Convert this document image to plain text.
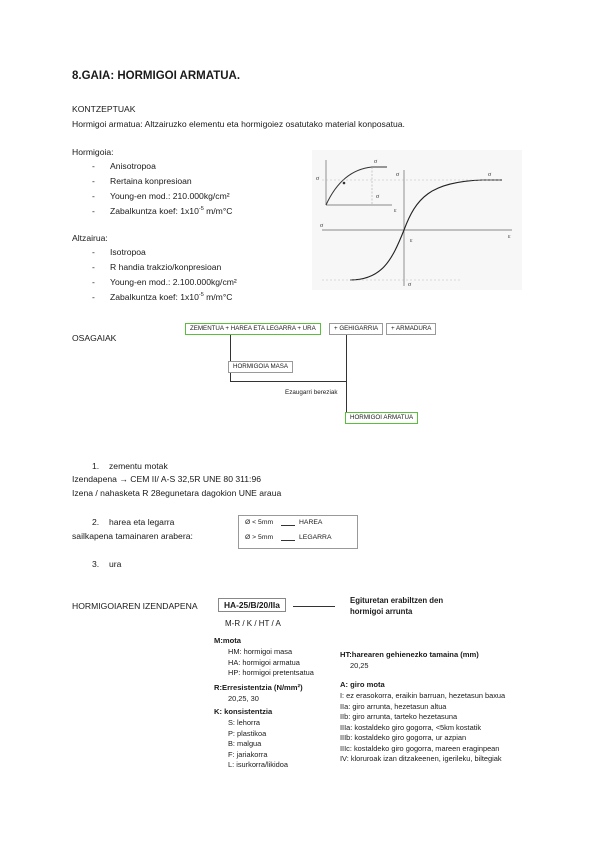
8.GAIA: HORMIGOI ARMATUA.
KONTZEPTUAK
Hormigoi armatua: Altzairuzko elementu eta hormigoiez osatutako material konposatua.
Hormigoia:
- Anisotropoa
- Rertaina konpresioan
- Young-en mod.: 210.000kg/cm²
- Zabalkuntza koef: $1x10^{-5}$ m/m°C
Altzairua:
- Isotropoa
- R handia trakzio/konpresioan
- Young-en mod.: 2.100.000kg/cm²
- Zabalkuntza koef: $1x10^{-5}$ m/m°C
σ
σ
σ	σ
ε
ε
ε
σ
σ
σ
OSAGAIAK
ZEMENTUA + HAREA ETA LEGARRA + URA	+ GEHIGARRIA	+ ARMADURA
HORMIGOIA MASA
Ezaugarri bereziak
HORMIGOI ARMATUA
1. zementu motak
Izendapena → CEM II/ A-S 32,5R UNE 80 311:96
Izena / nahasketa R 28egunetara dagokion UNE araua
2. harea eta legarra
sailkapena tamainaren arabera:
Ø < 5mm	HAREA
Ø > 5mm	LEGARRA
3. ura
HORMIGOIAREN IZENDAPENA	HA-25/B/20/IIa	Egituretan erabiltzen den
hormigoi arruntа
M-R / K / HT / A
M:mota
HM: hormigoi masa
HA: hormigoi armatua
HP: hormigoi pretentsatua
R:Erresistentzia (N/mm²)
20,25, 30
K: konsistentzia
S: lehorra
P: plastikoa
B: malgua
F: jariakorra
L: isurkorra/likidoa
HT:harearen gehienezko tamaina (mm)
20,25
A: giro mota
I: ez erasokorra, eraikin barruan, hezetasun baxua
IIa: giro arrunta, hezetasun altua
IIb: giro arrunta, tarteko hezetasuna
IIIa: kostaldeko giro gogorra, <5km kostatik
IIIb: kostaldeko giro gogorra, ur azpian
IIIc: kostaldeko giro gogorra, mareen eraginpean
IV: kloruroak izan ditzakeenen, igerileku, biltegiak
